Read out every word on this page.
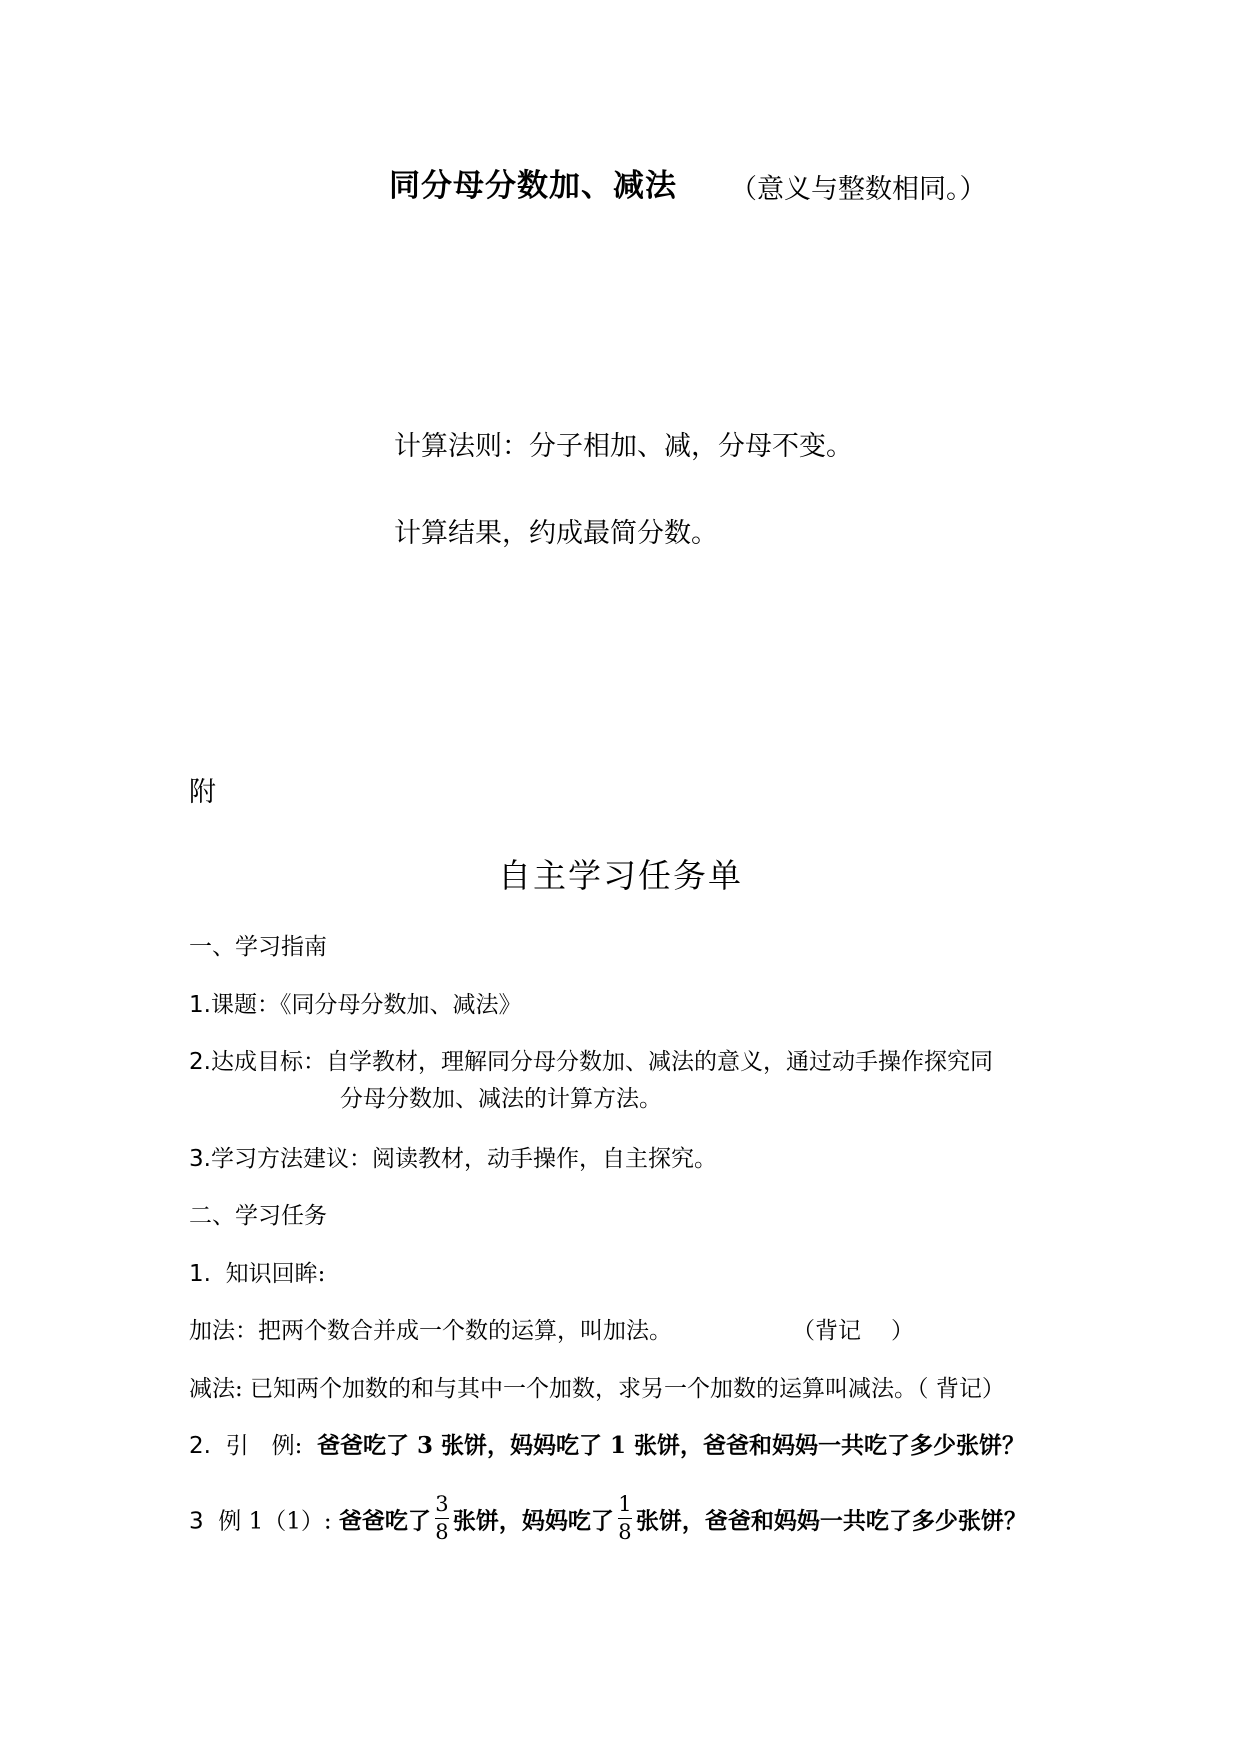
同分母分数加、减法 （意义与整数相同。）
计算法则：分子相加、减，分母不变。
计算结果，约成最简分数。
附
自主学习任务单
一、学习指南
1.课题：《同分母分数加、减法》
2.达成目标：自学教材，理解同分母分数加、减法的意义，通过动手操作探究同
分母分数加、减法的计算方法。
3.学习方法建议：阅读教材，动手操作，自主探究。
二、学习任务
1. 知识回眸:
加法：把两个数合并成一个数的运算，叫加法。	（背记 ）
减法: 已知两个加数的和与其中一个加数，求另一个加数的运算叫减法。（ 背记）
2. 引　例: 爸爸吃了 3 张饼，妈妈吃了 1 张饼，爸爸和妈妈一共吃了多少张饼？
3 例 1（1）: 爸爸吃了 $\frac{3}{8}$ 张饼，妈妈吃了 $\frac{1}{8}$ 张饼，爸爸和妈妈一共吃了多少张饼？
